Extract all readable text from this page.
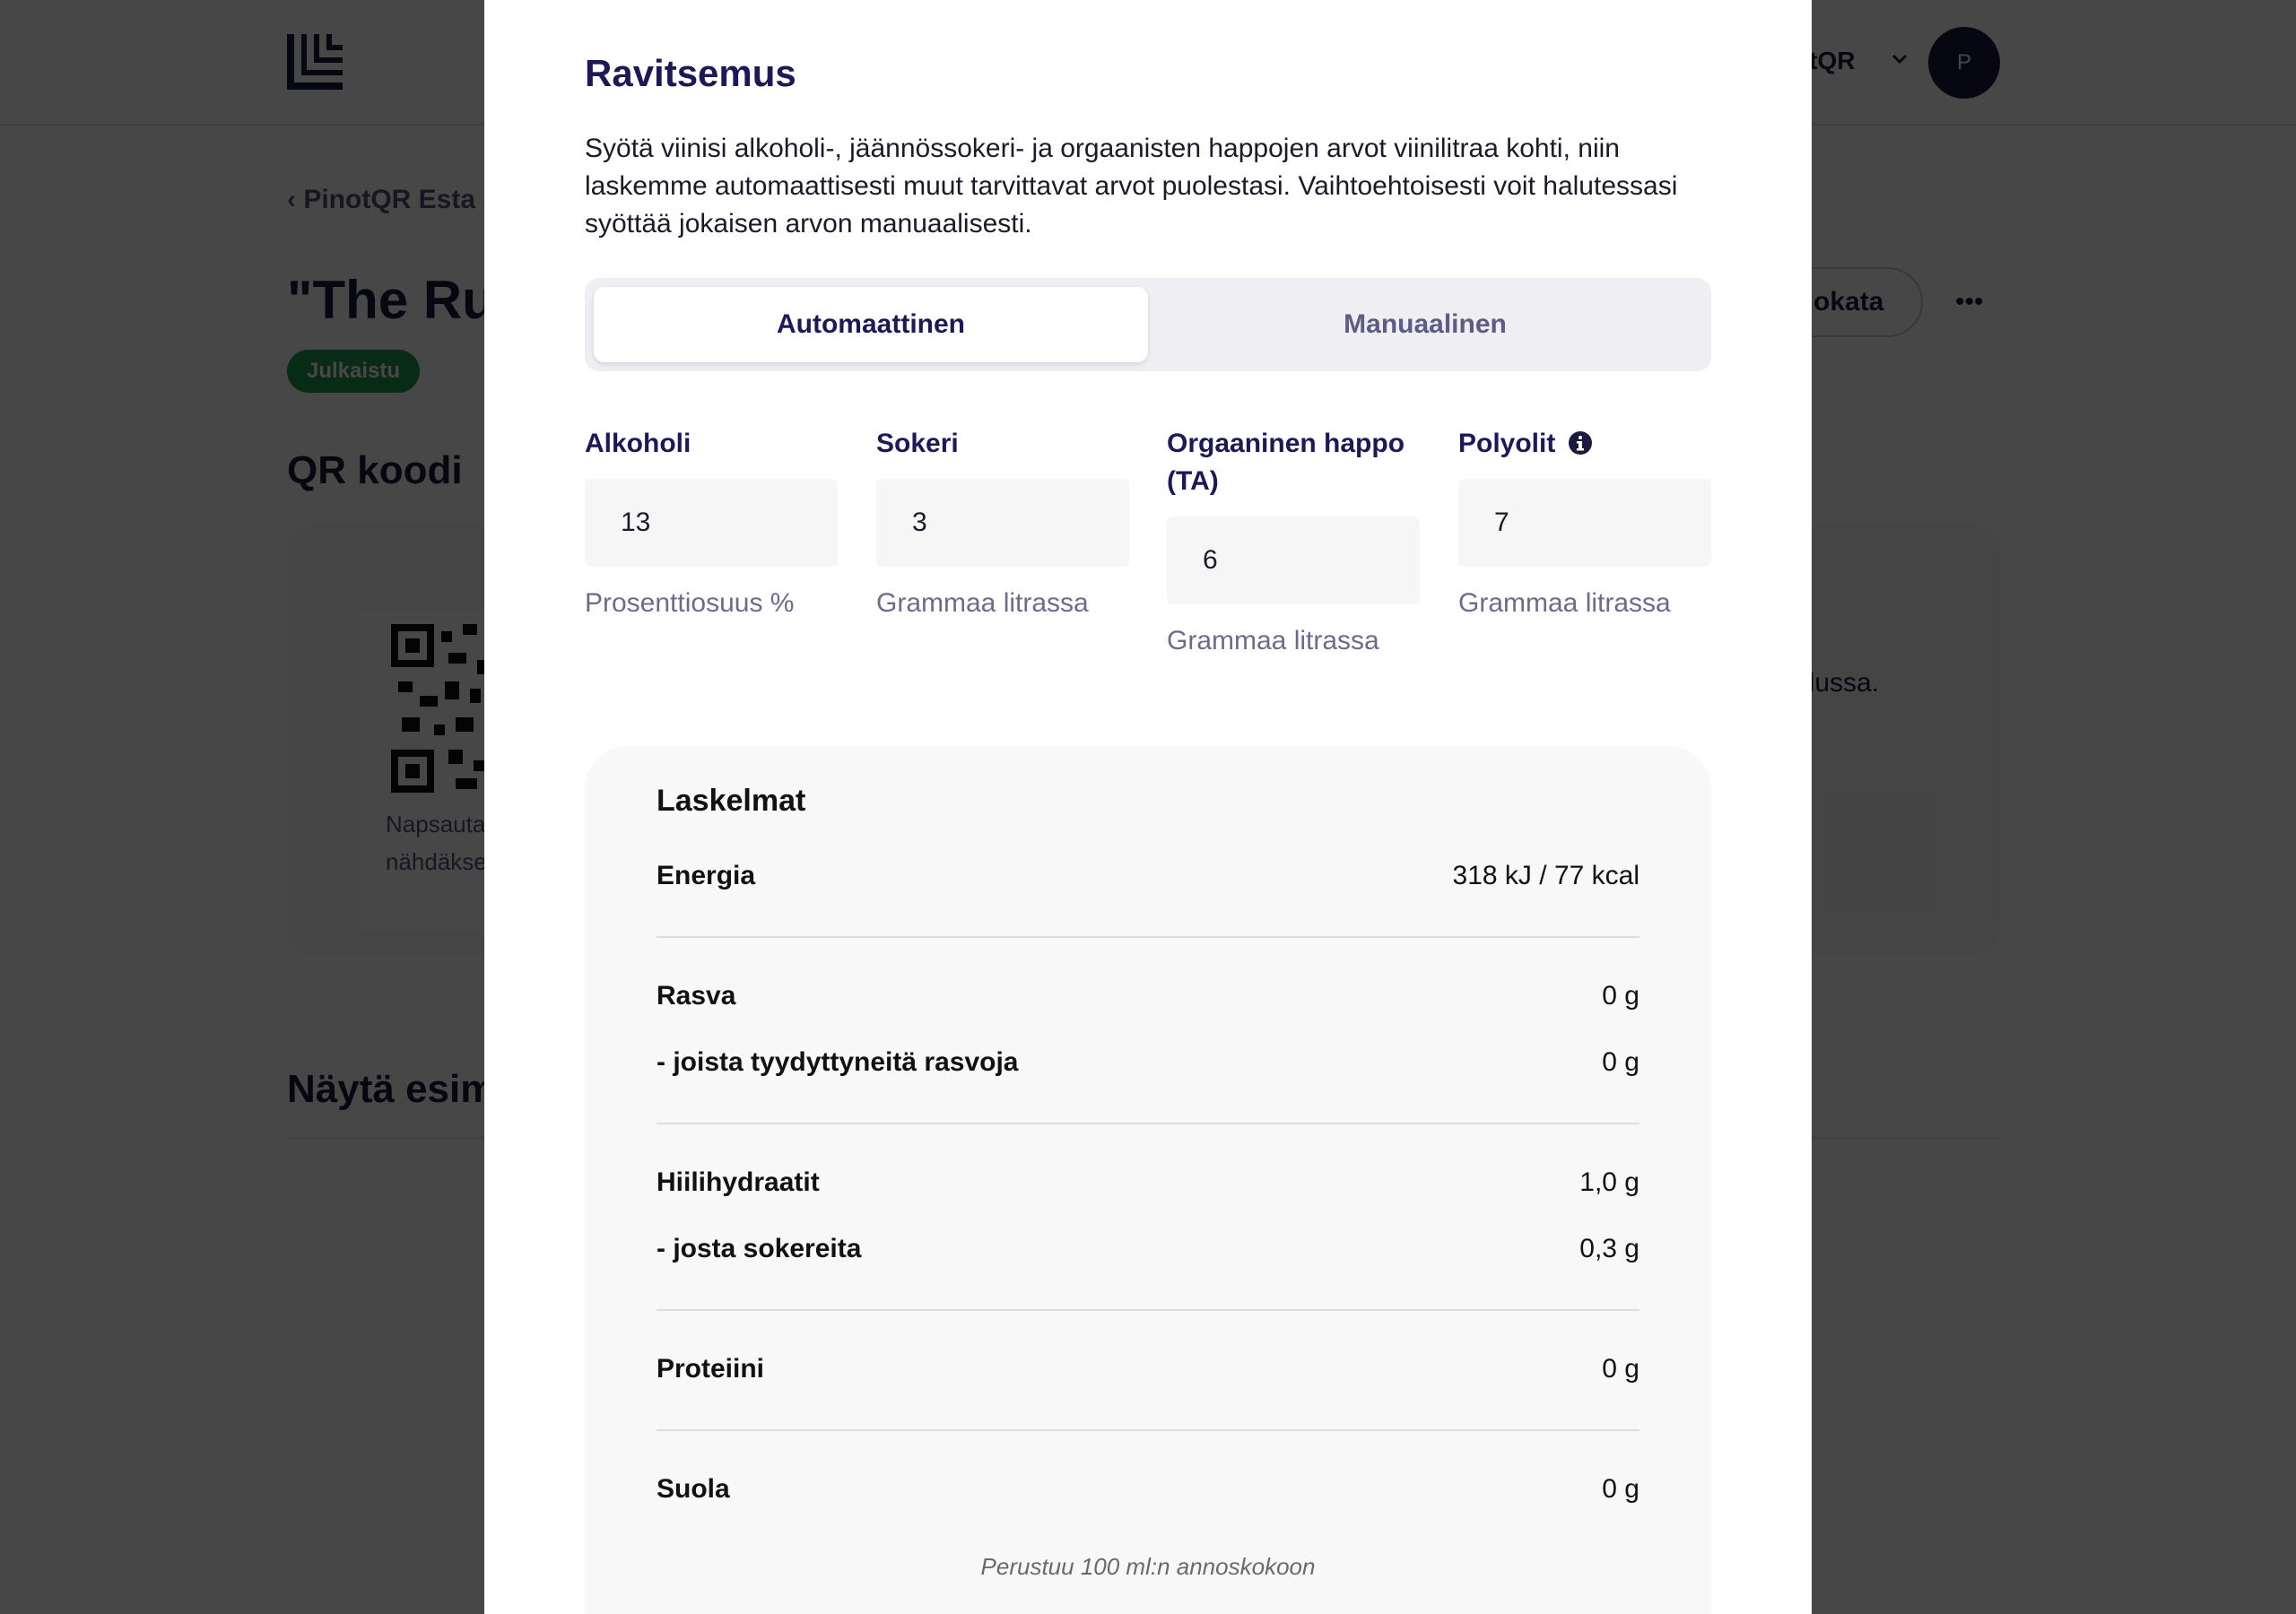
Ravitsemus
Syötä viinisi alkoholi-, jäännössokeri- ja orgaanisten happojen arvot viinilitraa kohti, niin laskemme automaattisesti muut tarvittavat arvot puolestasi. Vaihtoehtoisesti voit halutessasi syöttää jokaisen arvon manuaalisesti.
Automaattinen	Manuaalinen
Alkoholi
13
Prosenttiosuus %
Sokeri
3
Grammaa litrassa
Orgaaninen happo (TA)
6
Grammaa litrassa
Polyolit
7
Grammaa litrassa
Laskelmat
Energia	318 kJ / 77 kcal
Rasva	0 g
- joista tyydyttyneitä rasvoja	0 g
Hiilihydraatit	1,0 g
- josta sokereita	0,3 g
Proteiini	0 g
Suola	0 g
Perustuu 100 ml:n annoskokoon
